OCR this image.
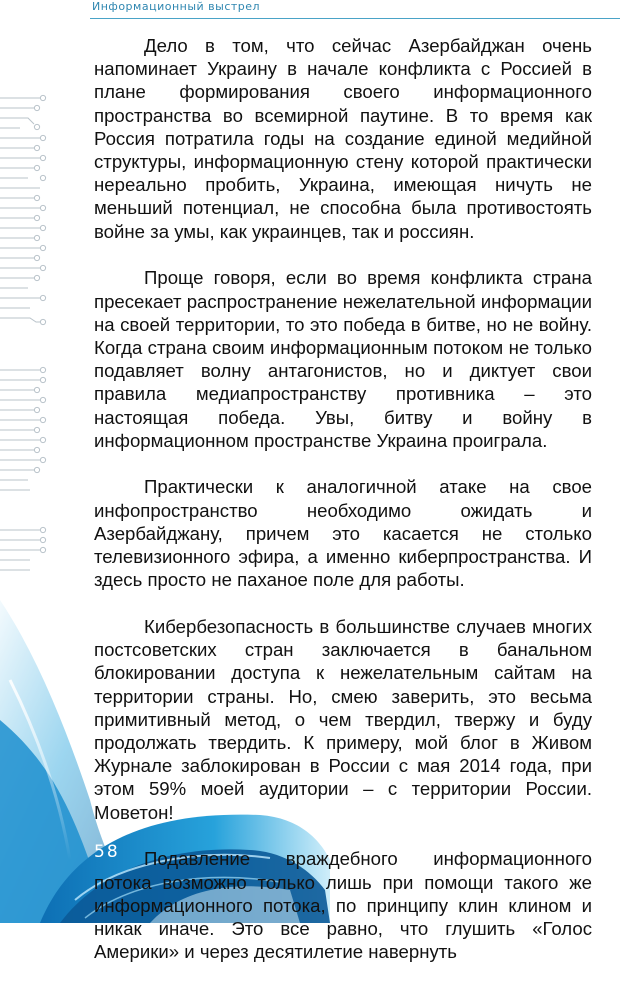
Информационный выстрел

Дело в том, что сейчас Азербайджан очень напоминает Украину в начале конфликта с Россией в плане формирования своего информационного пространства во всемирной паутине. В то время как Россия потратила годы на создание единой медийной структуры, информационную стену которой практически нереально пробить, Украина, имеющая ничуть не меньший потенциал, не способна была противостоять войне за умы, как украинцев, так и россиян.

Проще говоря, если во время конфликта страна пресекает распространение нежелательной информации на своей территории, то это победа в битве, но не войну. Когда страна своим информационным потоком не только подавляет волну антагонистов, но и диктует свои правила медиапространству противника – это настоящая победа. Увы, битву и войну в информационном пространстве Украина проиграла.

Практически к аналогичной атаке на свое инфопространство необходимо ожидать и Азербайджану, причем это касается не столько телевизионного эфира, а именно киберпространства. И здесь просто не паханое поле для работы.

Кибербезопасность в большинстве случаев многих постсоветских стран заключается в банальном блокировании доступа к нежелательным сайтам на территории страны. Но, смею заверить, это весьма примитивный метод, о чем твердил, твержу и буду продолжать твердить. К примеру, мой блог в Живом Журнале заблокирован в России с мая 2014 года, при этом 59% моей аудитории – с территории России. Моветон!

Подавление враждебного информационного потока возможно только лишь при помощи такого же информационного потока, по принципу клин клином и никак иначе. Это все равно, что глушить «Голос Америки» и через десятилетие навернуть

58
